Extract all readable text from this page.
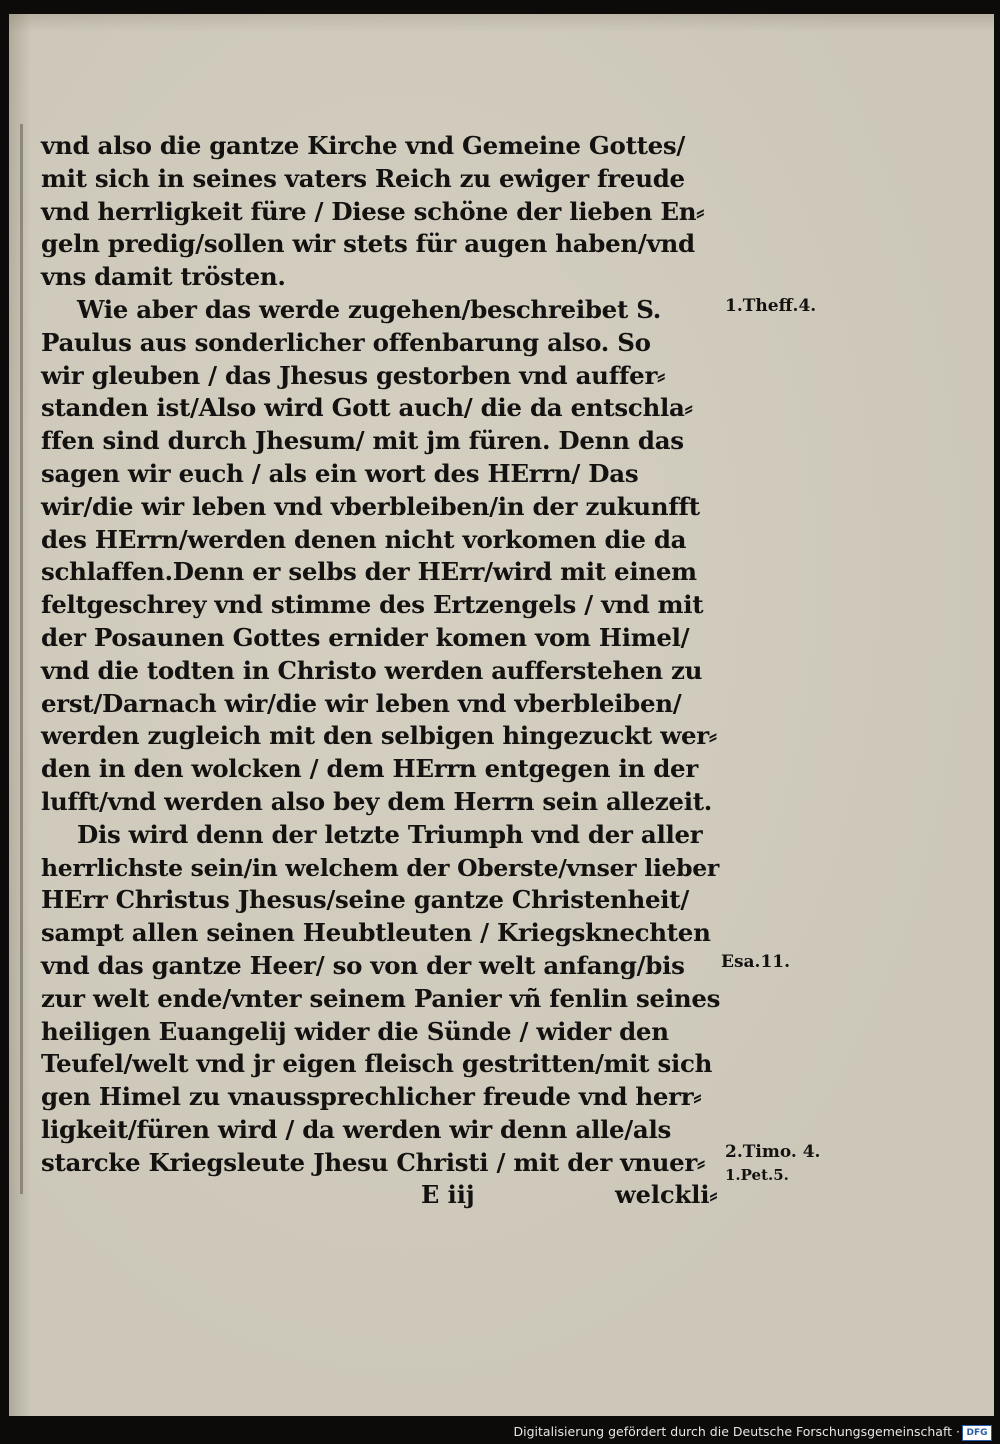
vnd also die gantze Kirche vnd Gemeine Gottes/
mit sich in seines vaters Reich zu ewiger freude
vnd herrligkeit füre / Diese schöne der lieben En⸗
geln predig/sollen wir stets für augen haben/vnd
vns damit trösten.
Wie aber das werde zugehen/beschreibet S.
Paulus aus sonderlicher offenbarung also. So
wir gleuben / das Jhesus gestorben vnd auffer⸗
standen ist/Also wird Gott auch/ die da entschla⸗
ffen sind durch Jhesum/ mit jm füren. Denn das
sagen wir euch / als ein wort des HErrn/ Das
wir/die wir leben vnd vberbleiben/in der zukunfft
des HErrn/werden denen nicht vorkomen die da
schlaffen.Denn er selbs der HErr/wird mit einem
feltgeschrey vnd stimme des Ertzengels / vnd mit
der Posaunen Gottes ernider komen vom Himel/
vnd die todten in Christo werden aufferstehen zu
erst/Darnach wir/die wir leben vnd vberbleiben/
werden zugleich mit den selbigen hingezuckt wer⸗
den in den wolcken / dem HErrn entgegen in der
lufft/vnd werden also bey dem Herrn sein allezeit.
Dis wird denn der letzte Triumph vnd der aller
herrlichste sein/in welchem der Oberste/vnser lieber
HErr Christus Jhesus/seine gantze Christenheit/
sampt allen seinen Heubtleuten / Kriegsknechten
vnd das gantze Heer/ so von der welt anfang/bis
zur welt ende/vnter seinem Panier vñ fenlin seines
heiligen Euangelij wider die Sünde / wider den
Teufel/welt vnd jr eigen fleisch gestritten/mit sich
gen Himel zu vnaussprechlicher freude vnd herr⸗
ligkeit/füren wird / da werden wir denn alle/als
starcke Kriegsleute Jhesu Christi / mit der vnuer⸗
1.Theff.4.
Esa.11.
2.Timo. 4.
1.Pet.5.
E iij	welckli⸗
Digitalisierung gefördert durch die Deutsche Forschungsgemeinschaft · DFG
